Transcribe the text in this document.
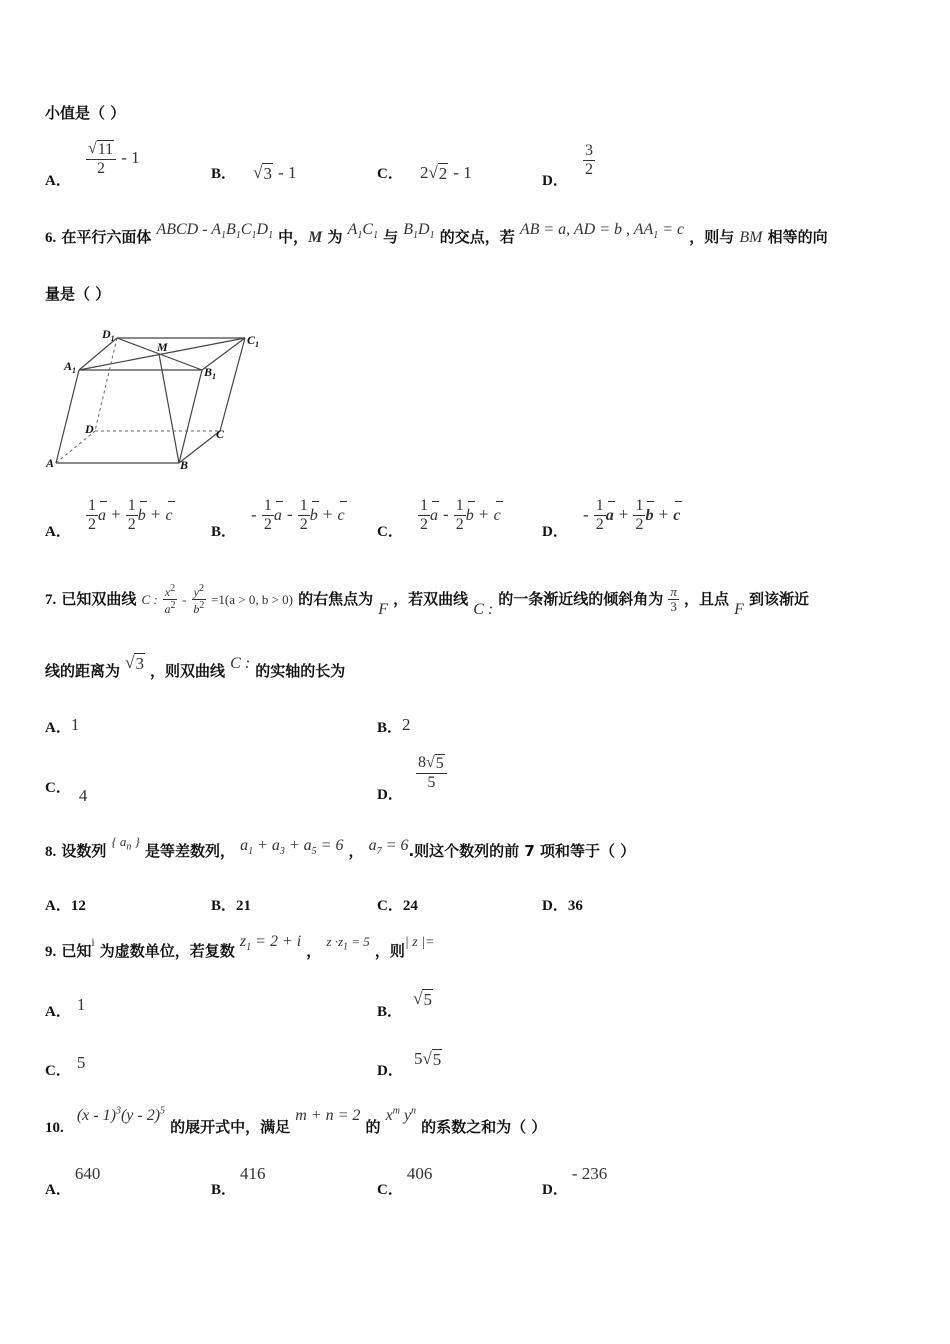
小值是（ ）
A．
$\frac{√ 11}{2} - 1$
B． √ 3 - 1	C． 2 √ 2 - 1	D．
$\frac{3}{2}$
6. 在平行六面体 ABCD - $A_1B_1C_1D_1$ 中，M 为 $A_1C_1$ 与 $B_1D_1$ 的交点，若 AB = a, AD = b , $AA_1 = c$ ，则与 BM 相等的向
量是（ ）
$D_1$	$C_1$
$A_1$	$B_1$
M
D	C
A	B
A． $\frac{1}{2}$ $a + \frac{1}{2}$ b + c
B． - $\frac{1}{2}$ a - $\frac{1}{2}$ b + c
C． $\frac{1}{2}$ a - $\frac{1}{2}$ b + c
D． - $\frac{1}{2}$ $a + \frac{1}{2}$ b + c
7. 已知双曲线 C : $\frac{x^2}{a^2} - \frac{y^2}{b^2} =1(a > 0$, b > 0) 的右焦点为 F ，若双曲线 C : 的一条渐近线的倾斜角为 $\frac{\pi}{3}$ ，且点 F 到该渐近
线的距离为 √ 3 ，则双曲线 C : 的实轴的长为
A．1	B．2
C． 4	D．
$\frac{8 √ 5}{5}$
8. 设数列 $^{\{ a_n \}}$ 是等差数列， $a_1 + a_3 + a_5 = 6$ ， $a_7 = 6$.则这个数列的前 7 项和等于（ ）
A．12	B．21	C．24	D．36
9. 已知i 为虚数单位，若复数 $z_1 = 2 + i$ ， $z \cdot z_1 = 5$ ，则| z |=
A． 1	B．
√ 5
C． 5	D． 5 √ 5
10. (x - 1)$^3$(y - 2)$^5$ 的展开式中，满足 m + n = 2 的 $x^m$ $y^n$ 的系数之和为（ ）
A．640
B．416
C．406
D．- 236
